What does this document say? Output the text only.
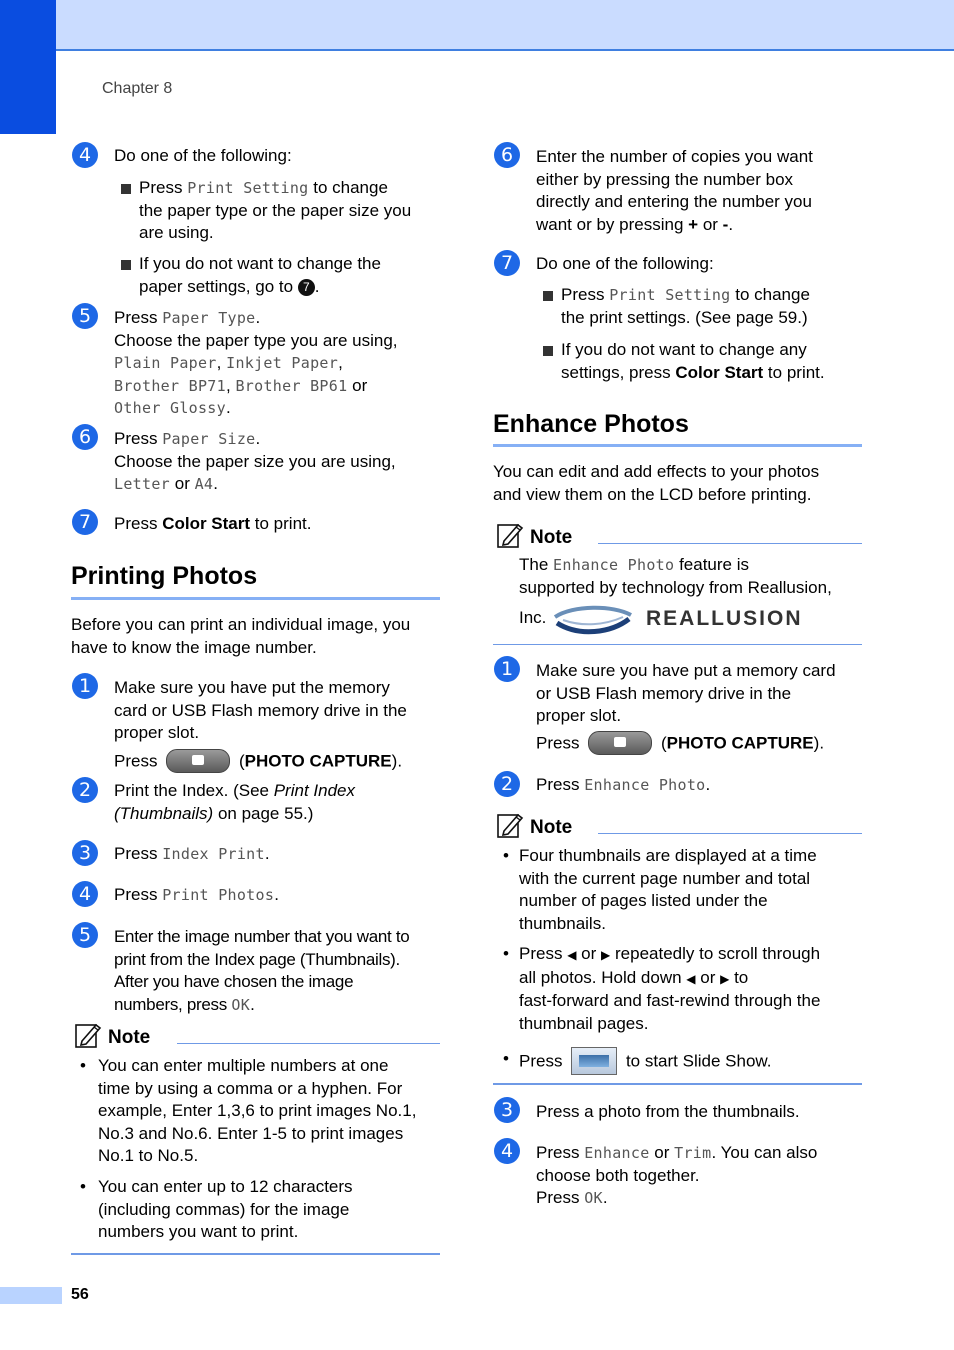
Chapter 8
4	Do one of the following:
Press Print Setting to change
the paper type or the paper size you
are using.
If you do not want to change the
paper settings, go to 7 .
5	Press Paper Type.
Choose the paper type you are using,
Plain Paper, Inkjet Paper,
Brother BP71, Brother BP61 or
Other Glossy.
6	Press Paper Size.
Choose the paper size you are using,
Letter or A4.
7	Press Color Start to print.
Printing Photos
Before you can print an individual image, you
have to know the image number.
1	Make sure you have put the memory
card or USB Flash memory drive in the
proper slot.
Press	(PHOTO CAPTURE).
2	Print the Index. (See Print Index
(Thumbnails) on page 55.)
3	Press Index Print.
4	Press Print Photos.
5	Enter the image number that you want to
print from the Index page (Thumbnails).
After you have chosen the image
numbers, press OK.
Note
• You can enter multiple numbers at one
time by using a comma or a hyphen. For
example, Enter 1,3,6 to print images No.1,
No.3 and No.6. Enter 1-5 to print images
No.1 to No.5.
• You can enter up to 12 characters
(including commas) for the image
numbers you want to print.
6	Enter the number of copies you want
either by pressing the number box
directly and entering the number you
want or by pressing + or -.
7	Do one of the following:
Press Print Setting to change
the print settings. (See page 59.)
If you do not want to change any
settings, press Color Start to print.
Enhance Photos
You can edit and add effects to your photos
and view them on the LCD before printing.
Note
The Enhance Photo feature is
supported by technology from Reallusion,
Inc.	REALLUSION
1	Make sure you have put a memory card
or USB Flash memory drive in the
proper slot.
Press	(PHOTO CAPTURE).
2	Press Enhance Photo.
Note
• Four thumbnails are displayed at a time
with the current page number and total
number of pages listed under the
thumbnails.
• Press ◀ or ▶ repeatedly to scroll through
all photos. Hold down ◀ or ▶ to
fast-forward and fast-rewind through the
thumbnail pages.
• Press	to start Slide Show.
3	Press a photo from the thumbnails.
4	Press Enhance or Trim. You can also
choose both together.
Press OK.
56
